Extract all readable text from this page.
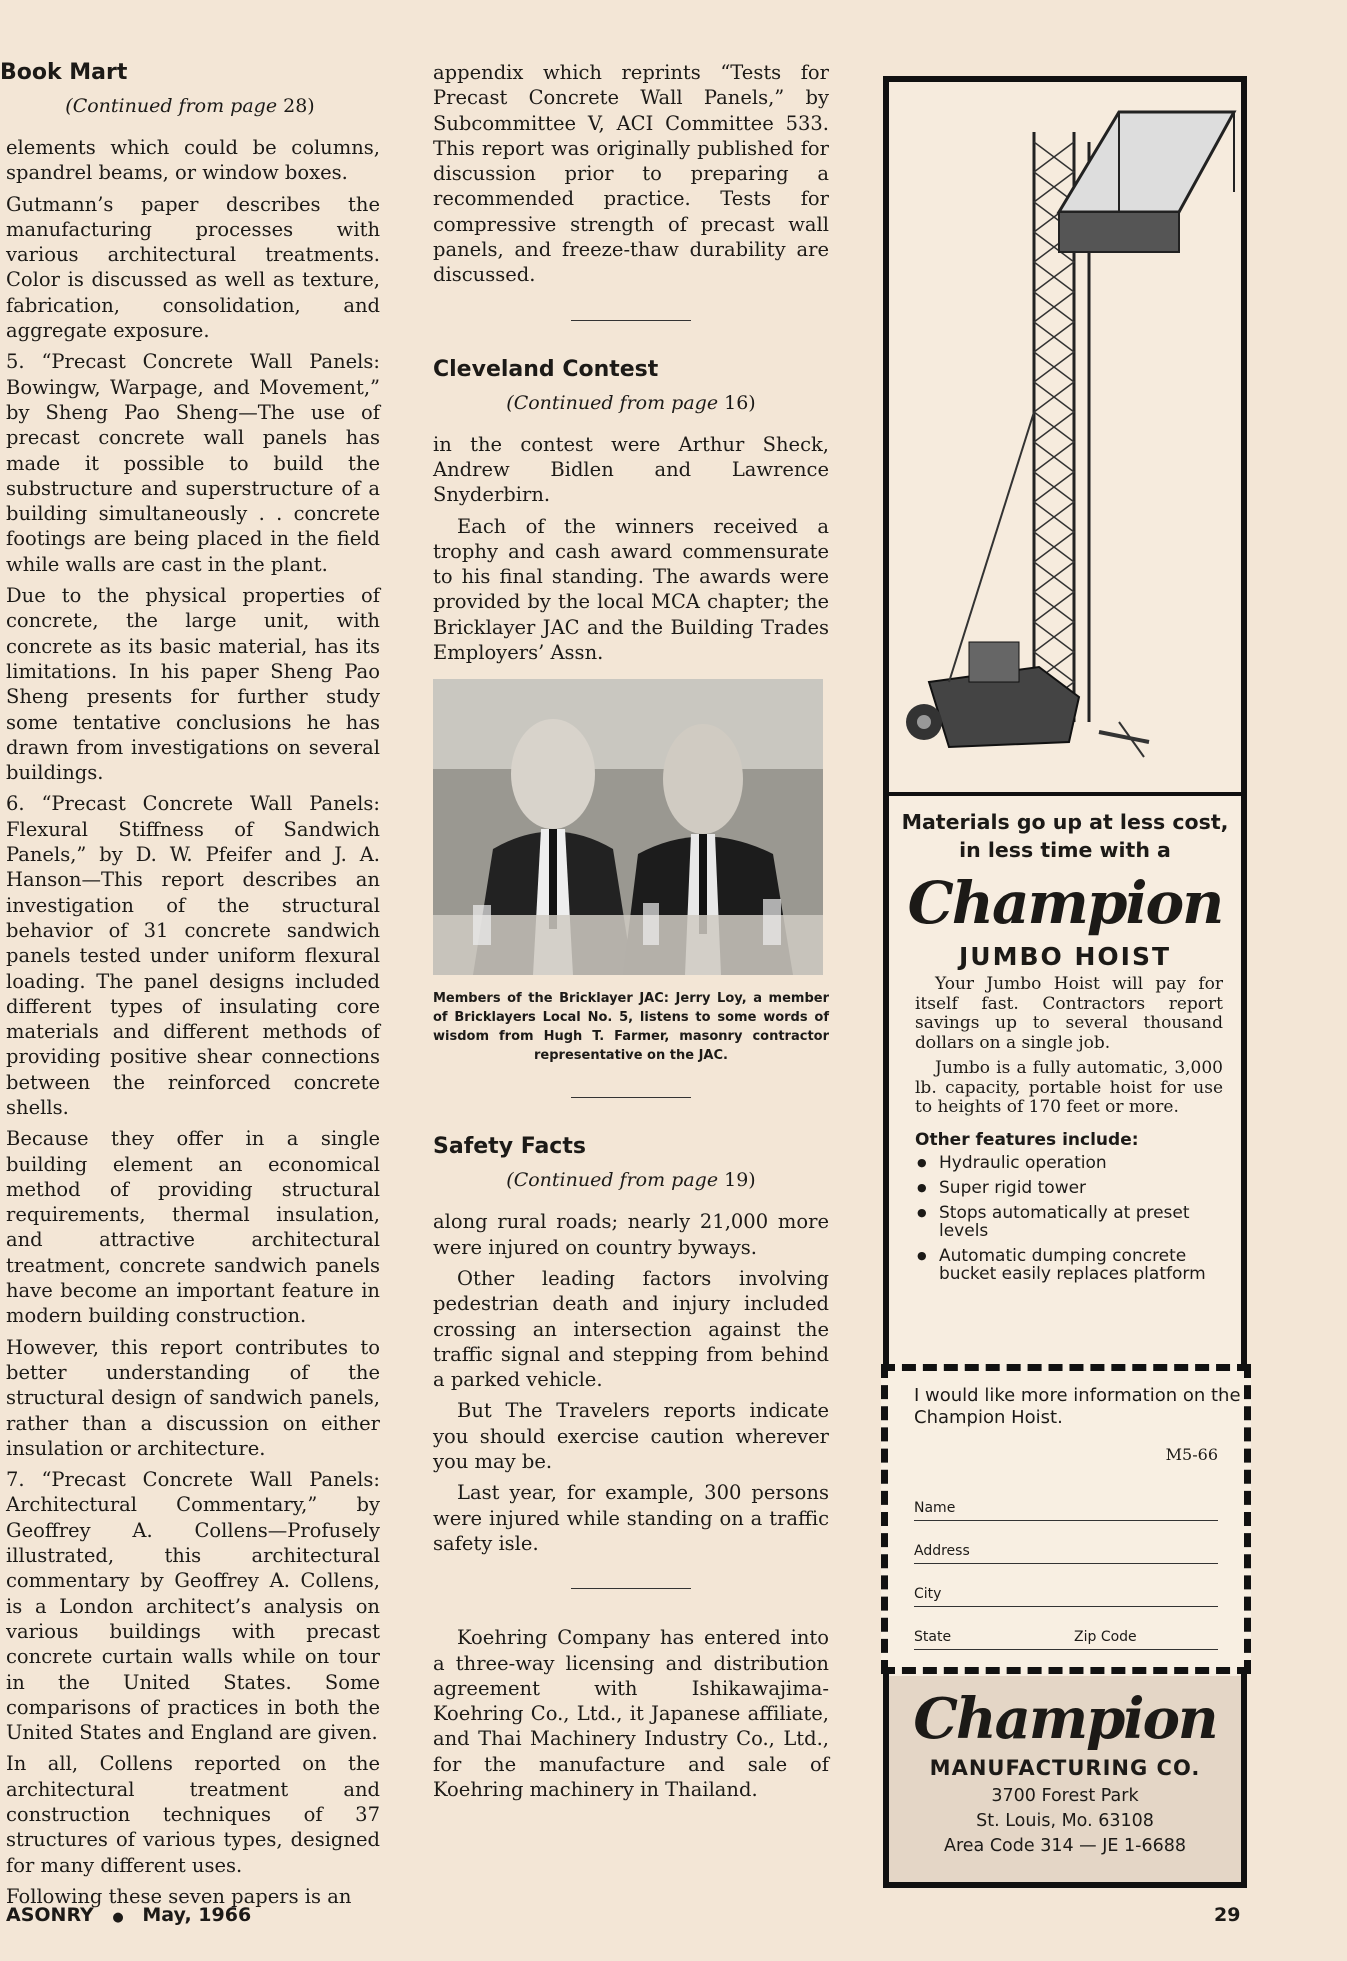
Book Mart
(Continued from page 28)

elements which could be columns, spandrel beams, or window boxes.

Gutmann’s paper describes the manufacturing processes with various architectural treatments. Color is discussed as well as texture, fabrication, consolidation, and aggregate exposure.

5. “Precast Concrete Wall Panels: Bowingw, Warpage, and Movement,” by Sheng Pao Sheng—The use of precast concrete wall panels has made it possible to build the substructure and superstructure of a building simultaneously . . concrete footings are being placed in the field while walls are cast in the plant.

Due to the physical properties of concrete, the large unit, with concrete as its basic material, has its limitations. In his paper Sheng Pao Sheng presents for further study some tentative conclusions he has drawn from investigations on several buildings.

6. “Precast Concrete Wall Panels: Flexural Stiffness of Sandwich Panels,” by D. W. Pfeifer and J. A. Hanson—This report describes an investigation of the structural behavior of 31 concrete sandwich panels tested under uniform flexural loading. The panel designs included different types of insulating core materials and different methods of providing positive shear connections between the reinforced concrete shells.

Because they offer in a single building element an economical method of providing structural requirements, thermal insulation, and attractive architectural treatment, concrete sandwich panels have become an important feature in modern building construction.

However, this report contributes to better understanding of the structural design of sandwich panels, rather than a discussion on either insulation or architecture.

7. “Precast Concrete Wall Panels: Architectural Commentary,” by Geoffrey A. Collens—Profusely illustrated, this architectural commentary by Geoffrey A. Collens, is a London architect’s analysis on various buildings with precast concrete curtain walls while on tour in the United States. Some comparisons of practices in both the United States and England are given.

In all, Collens reported on the architectural treatment and construction techniques of 37 structures of various types, designed for many different uses.

Following these seven papers is an

appendix which reprints “Tests for Precast Concrete Wall Panels,” by Subcommittee V, ACI Committee 533. This report was originally published for discussion prior to preparing a recommended practice. Tests for compressive strength of precast wall panels, and freeze-thaw durability are discussed.

Cleveland Contest
(Continued from page 16)

in the contest were Arthur Sheck, Andrew Bidlen and Lawrence Snyderbirn.

Each of the winners received a trophy and cash award commensurate to his final standing. The awards were provided by the local MCA chapter; the Bricklayer JAC and the Building Trades Employers’ Assn.

Members of the Bricklayer JAC: Jerry Loy, a member of Bricklayers Local No. 5, listens to some words of wisdom from Hugh T. Farmer, masonry contractor representative on the JAC.

Safety Facts
(Continued from page 19)

along rural roads; nearly 21,000 more were injured on country byways.

Other leading factors involving pedestrian death and injury included crossing an intersection against the traffic signal and stepping from behind a parked vehicle.

But The Travelers reports indicate you should exercise caution wherever you may be.

Last year, for example, 300 persons were injured while standing on a traffic safety isle.

Koehring Company has entered into a three-way licensing and distribution agreement with Ishikawajima- Koehring Co., Ltd., it Japanese affiliate, and Thai Machinery Industry Co., Ltd., for the manufacture and sale of Koehring machinery in Thailand.

Materials go up at less cost, in less time with a
Champion
JUMBO HOIST

Your Jumbo Hoist will pay for itself fast. Contractors report savings up to several thousand dollars on a single job.

Jumbo is a fully automatic, 3,000 lb. capacity, portable hoist for use to heights of 170 feet or more.

Other features include:
● Hydraulic operation
● Super rigid tower
● Stops automatically at preset levels
● Automatic dumping concrete bucket easily replaces platform
I would like more information on the Champion Hoist.
M5-66
Name
Address
City
State	Zip Code
Champion
MANUFACTURING CO.
3700 Forest Park
St. Louis, Mo. 63108
Area Code 314 — JE 1-6688
ASONRY ● May, 1966	29
